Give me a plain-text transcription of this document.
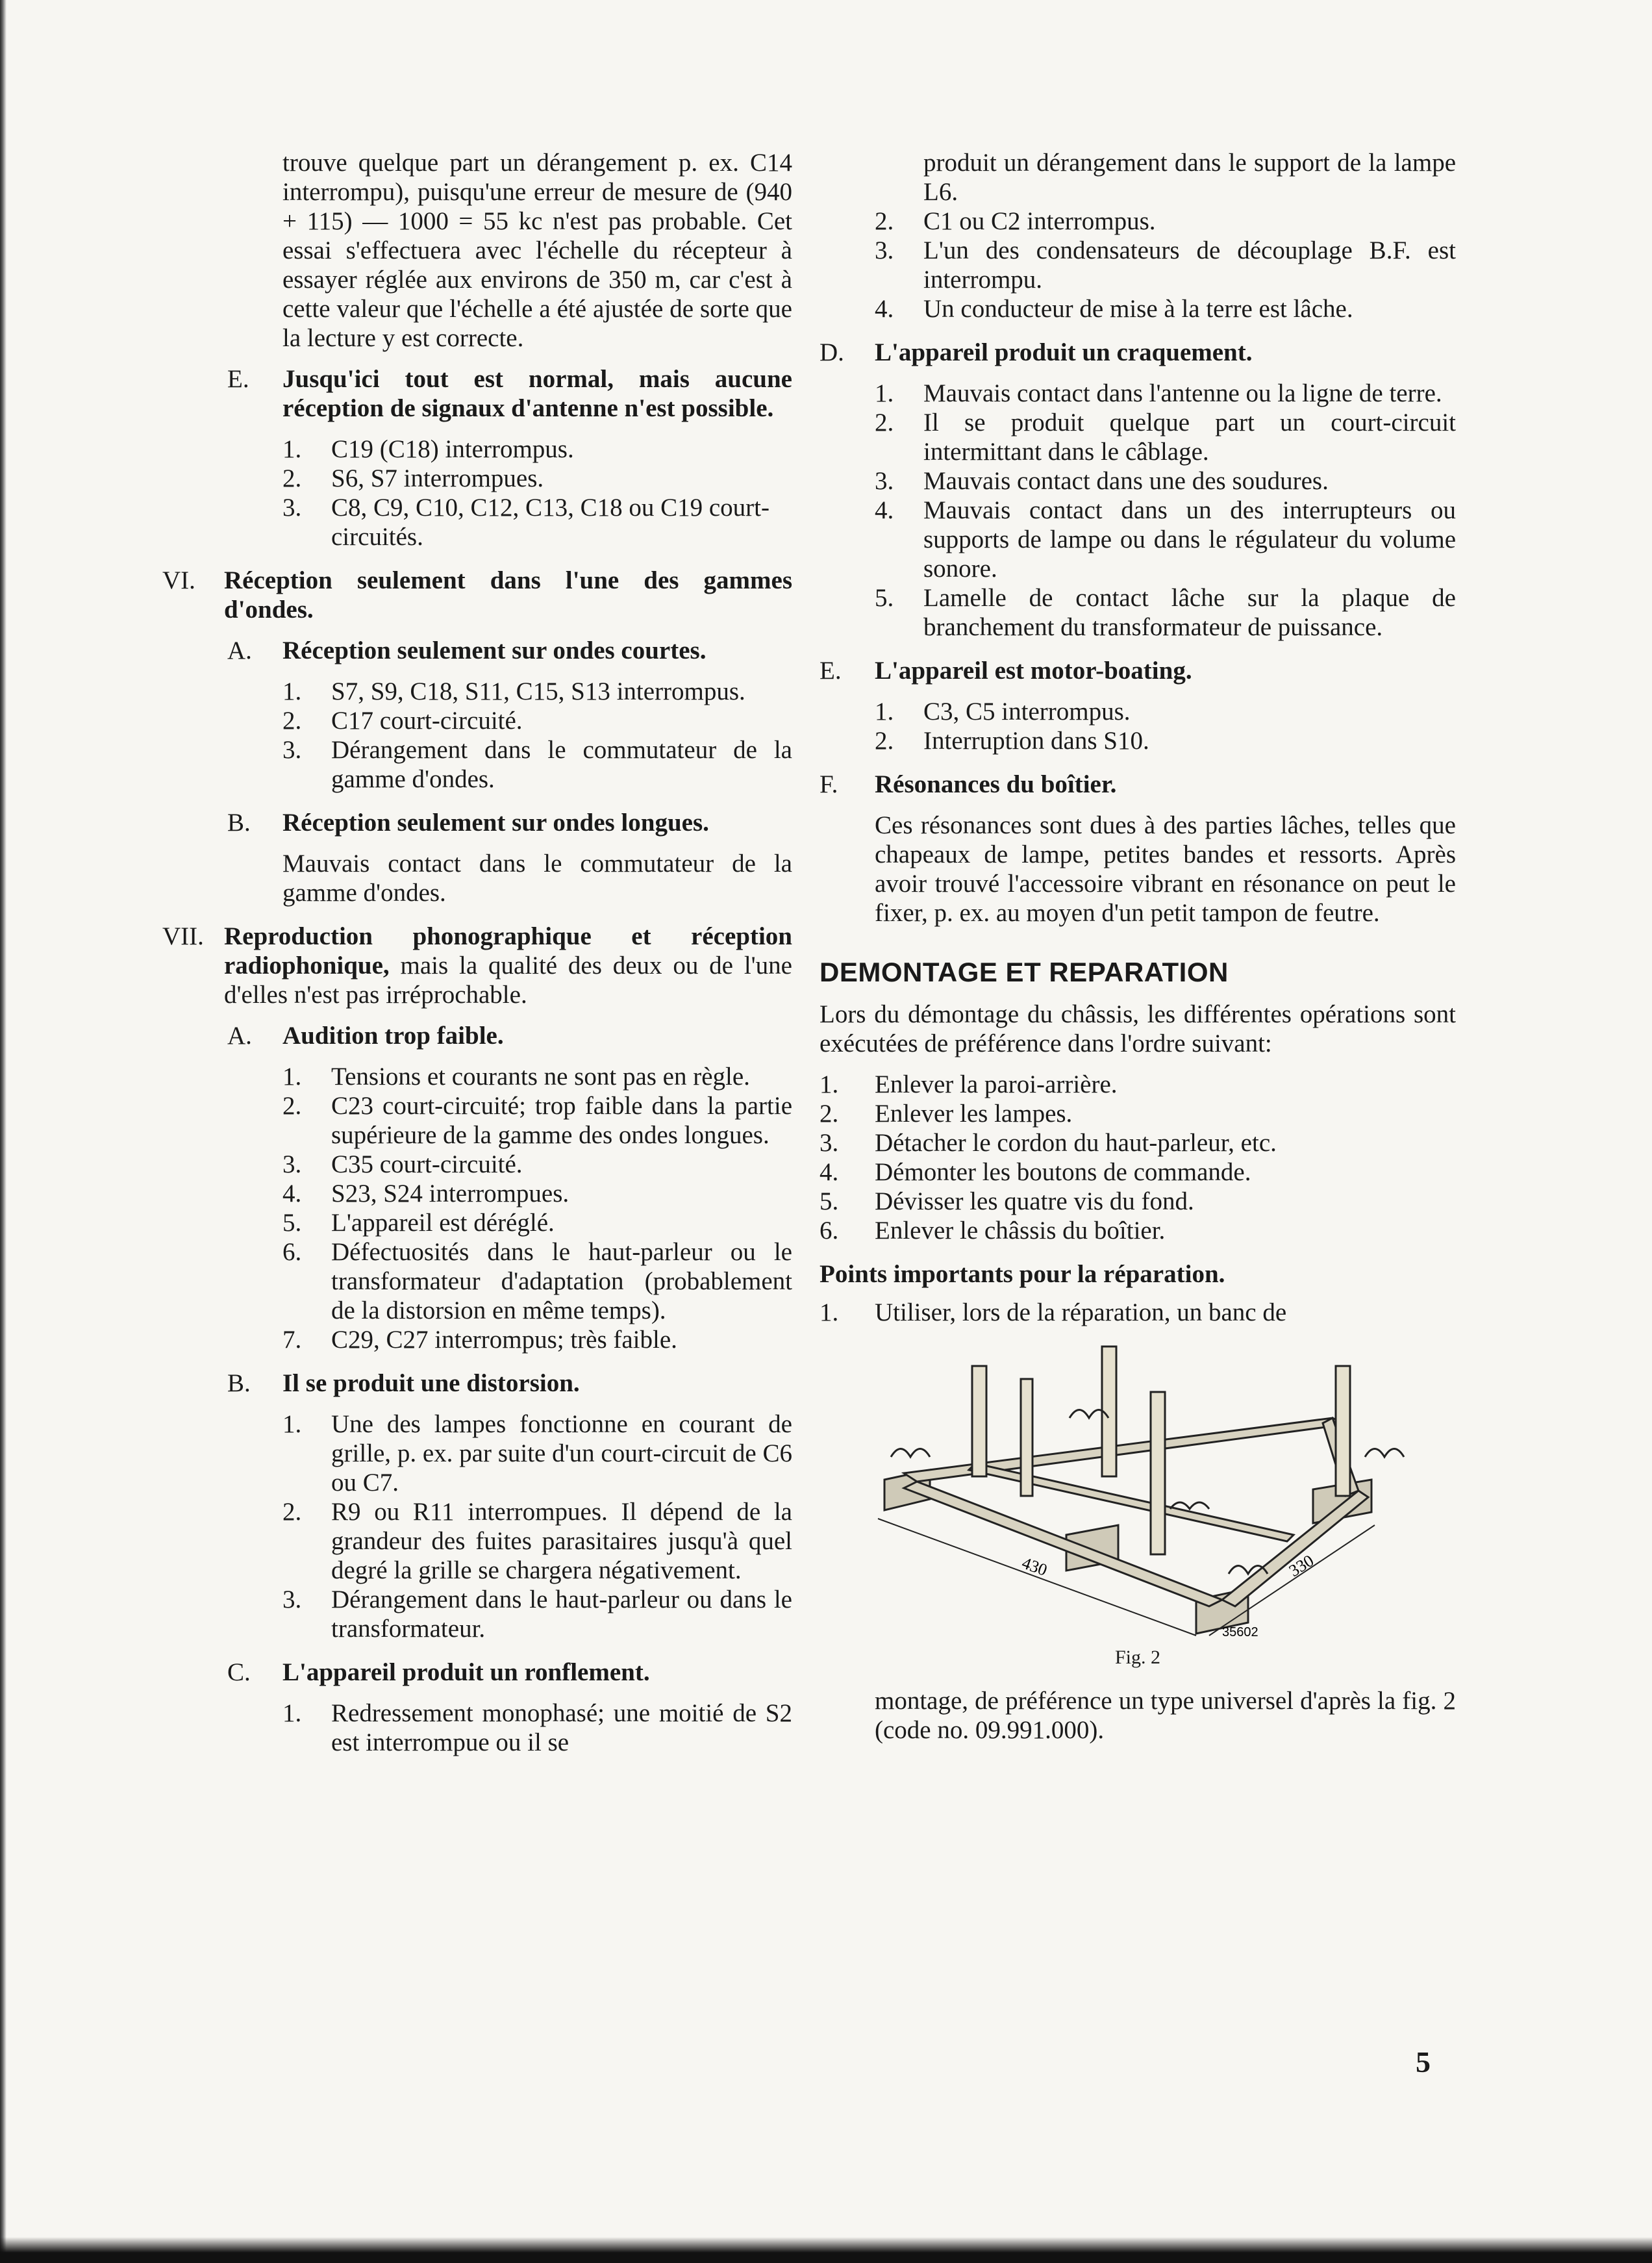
trouve quelque part un dérangement p. ex. C14 interrompu), puisqu'une erreur de mesure de (940 + 115) — 1000 = 55 kc n'est pas probable. Cet essai s'effectuera avec l'échelle du récepteur à essayer réglée aux environs de 350 m, car c'est à cette valeur que l'échelle a été ajustée de sorte que la lecture y est correcte.

E.	Jusqu'ici tout est normal, mais aucune réception de signaux d'antenne n'est possible.
1.	C19 (C18) interrompus.
2.	S6, S7 interrompues.
3.	C8, C9, C10, C12, C13, C18 ou C19 court-circuités.
VI.	Réception seulement dans l'une des gammes d'ondes.
A.	Réception seulement sur ondes courtes.
1.	S7, S9, C18, S11, C15, S13 interrompus.
2.	C17 court-circuité.
3.	Dérangement dans le commutateur de la gamme d'ondes.
B.	Réception seulement sur ondes longues.

Mauvais contact dans le commutateur de la gamme d'ondes.

VII. Reproduction phonographique et réception radiophonique, mais la qualité des deux ou de l'une d'elles n'est pas irréprochable.
A.	Audition trop faible.
1.	Tensions et courants ne sont pas en règle.
2.	C23 court-circuité; trop faible dans la partie supérieure de la gamme des ondes longues.
3.	C35 court-circuité.
4.	S23, S24 interrompues.
5.	L'appareil est déréglé.
6.	Défectuosités dans le haut-parleur ou le transformateur d'adaptation (probablement de la distorsion en même temps).
7.	C29, C27 interrompus; très faible.
B.	Il se produit une distorsion.
1.	Une des lampes fonctionne en courant de grille, p. ex. par suite d'un court-circuit de C6 ou C7.
2.	R9 ou R11 interrompues. Il dépend de la grandeur des fuites parasitaires jusqu'à quel degré la grille se chargera négativement.
3.	Dérangement dans le haut-parleur ou dans le transformateur.
C.	L'appareil produit un ronflement.
1.	Redressement monophasé; une moitié de S2 est interrompue ou il se
produit un dérangement dans le support de la lampe L6.
2.	C1 ou C2 interrompus.
3.	L'un des condensateurs de découplage B.F. est interrompu.
4.	Un conducteur de mise à la terre est lâche.
D.	L'appareil produit un craquement.
1.	Mauvais contact dans l'antenne ou la ligne de terre.
2.	Il se produit quelque part un court-circuit intermittant dans le câblage.
3.	Mauvais contact dans une des soudures.
4.	Mauvais contact dans un des interrupteurs ou supports de lampe ou dans le régulateur du volume sonore.
5.	Lamelle de contact lâche sur la plaque de branchement du transformateur de puissance.
E.	L'appareil est motor-boating.
1.	C3, C5 interrompus.
2.	Interruption dans S10.
F.	Résonances du boîtier.

Ces résonances sont dues à des parties lâches, telles que chapeaux de lampe, petites bandes et ressorts. Après avoir trouvé l'accessoire vibrant en résonance on peut le fixer, p. ex. au moyen d'un petit tampon de feutre.

DEMONTAGE ET REPARATION

Lors du démontage du châssis, les différentes opérations sont exécutées de préférence dans l'ordre suivant:

1.	Enlever la paroi-arrière.
2.	Enlever les lampes.
3.	Détacher le cordon du haut-parleur, etc.
4.	Démonter les boutons de commande.
5.	Dévisser les quatre vis du fond.
6.	Enlever le châssis du boîtier.
Points importants pour la réparation.
1.	Utiliser, lors de la réparation, un banc de
430	330
35602
Fig. 2

montage, de préférence un type universel d'après la fig. 2 (code no. 09.991.000).

5
